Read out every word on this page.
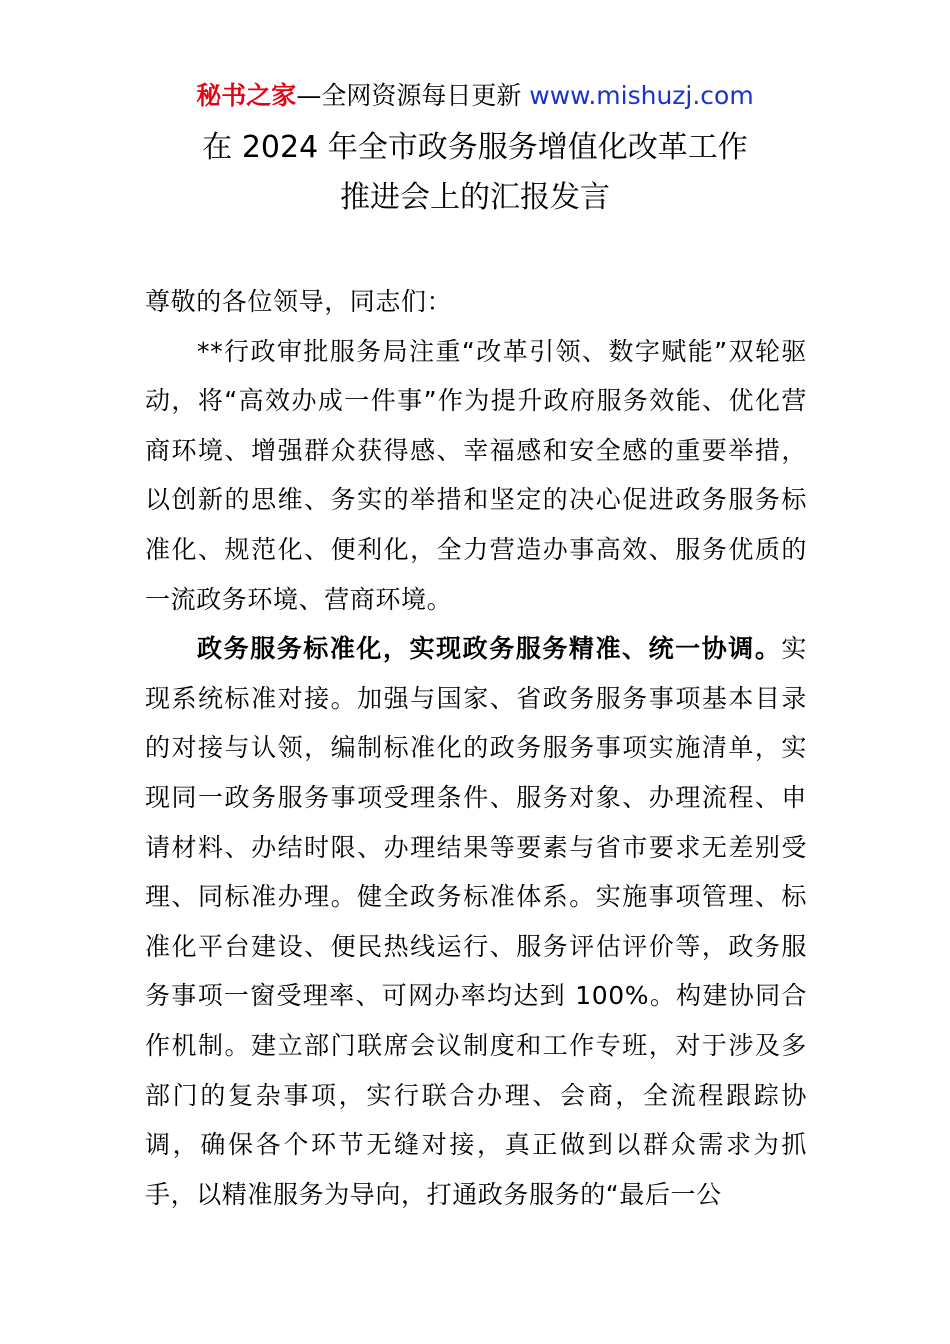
秘书之家—全网资源每日更新 www.mishuzj.com
在 2024 年全市政务服务增值化改革工作
推进会上的汇报发言

尊敬的各位领导，同志们：

**行政审批服务局注重“改革引领、数字赋能”双轮驱动，将“高效办成一件事”作为提升政府服务效能、优化营商环境、增强群众获得感、幸福感和安全感的重要举措，以创新的思维、务实的举措和坚定的决心促进政务服务标准化、规范化、便利化，全力营造办事高效、服务优质的一流政务环境、营商环境。

政务服务标准化，实现政务服务精准、统一协调。实现系统标准对接。加强与国家、省政务服务事项基本目录的对接与认领，编制标准化的政务服务事项实施清单，实现同一政务服务事项受理条件、服务对象、办理流程、申请材料、办结时限、办理结果等要素与省市要求无差别受理、同标准办理。健全政务标准体系。实施事项管理、标准化平台建设、便民热线运行、服务评估评价等，政务服务事项一窗受理率、可网办率均达到 100%。构建协同合作机制。建立部门联席会议制度和工作专班，对于涉及多部门的复杂事项，实行联合办理、会商，全流程跟踪协调，确保各个环节无缝对接，真正做到以群众需求为抓手，以精准服务为导向，打通政务服务的“最后一公
